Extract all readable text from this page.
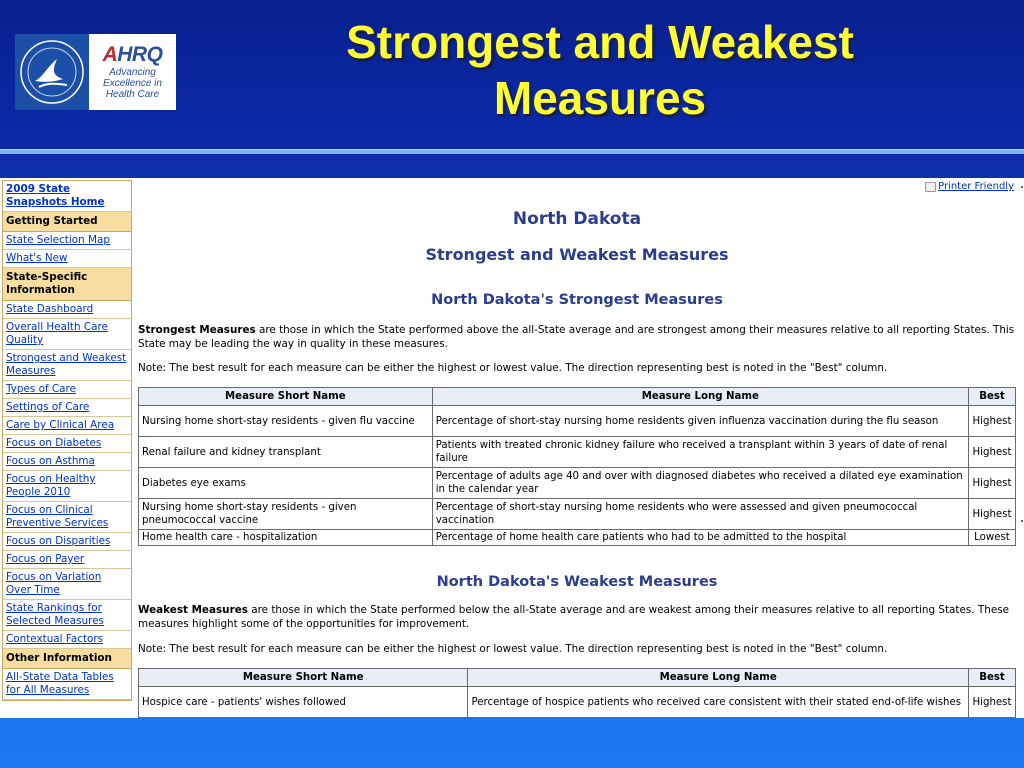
AHRQ
Advancing
Excellence in
Health Care
Strongest and Weakest
Measures
2009 State Snapshots Home
Getting Started
State Selection Map
What's New
State-Specific Information
State Dashboard
Overall Health Care Quality
Strongest and Weakest Measures
Types of Care
Settings of Care
Care by Clinical Area
Focus on Diabetes
Focus on Asthma
Focus on Healthy People 2010
Focus on Clinical Preventive Services
Focus on Disparities
Focus on Payer
Focus on Variation Over Time
State Rankings for Selected Measures
Contextual Factors
Other Information
All-State Data Tables for All Measures
Printer Friendly
North Dakota
Strongest and Weakest Measures
North Dakota's Strongest Measures
Strongest Measures are those in which the State performed above the all-State average and are strongest among their measures relative to all reporting States. This State may be leading the way in quality in these measures.
Note: The best result for each measure can be either the highest or lowest value. The direction representing best is noted in the "Best" column.
Measure Short Name	Measure Long Name	Best
Nursing home short-stay residents - given flu vaccine	Percentage of short-stay nursing home residents given influenza vaccination during the flu season	Highest
Renal failure and kidney transplant	Patients with treated chronic kidney failure who received a transplant within 3 years of date of renal failure	Highest
Diabetes eye exams	Percentage of adults age 40 and over with diagnosed diabetes who received a dilated eye examination in the calendar year	Highest
Nursing home short-stay residents - given pneumococcal vaccine	Percentage of short-stay nursing home residents who were assessed and given pneumococcal vaccination	Highest
Home health care - hospitalization	Percentage of home health care patients who had to be admitted to the hospital	Lowest
North Dakota's Weakest Measures
Weakest Measures are those in which the State performed below the all-State average and are weakest among their measures relative to all reporting States. These measures highlight some of the opportunities for improvement.
Note: The best result for each measure can be either the highest or lowest value. The direction representing best is noted in the "Best" column.
Measure Short Name	Measure Long Name	Best
Hospice care - patients' wishes followed	Percentage of hospice patients who received care consistent with their stated end-of-life wishes	Highest
